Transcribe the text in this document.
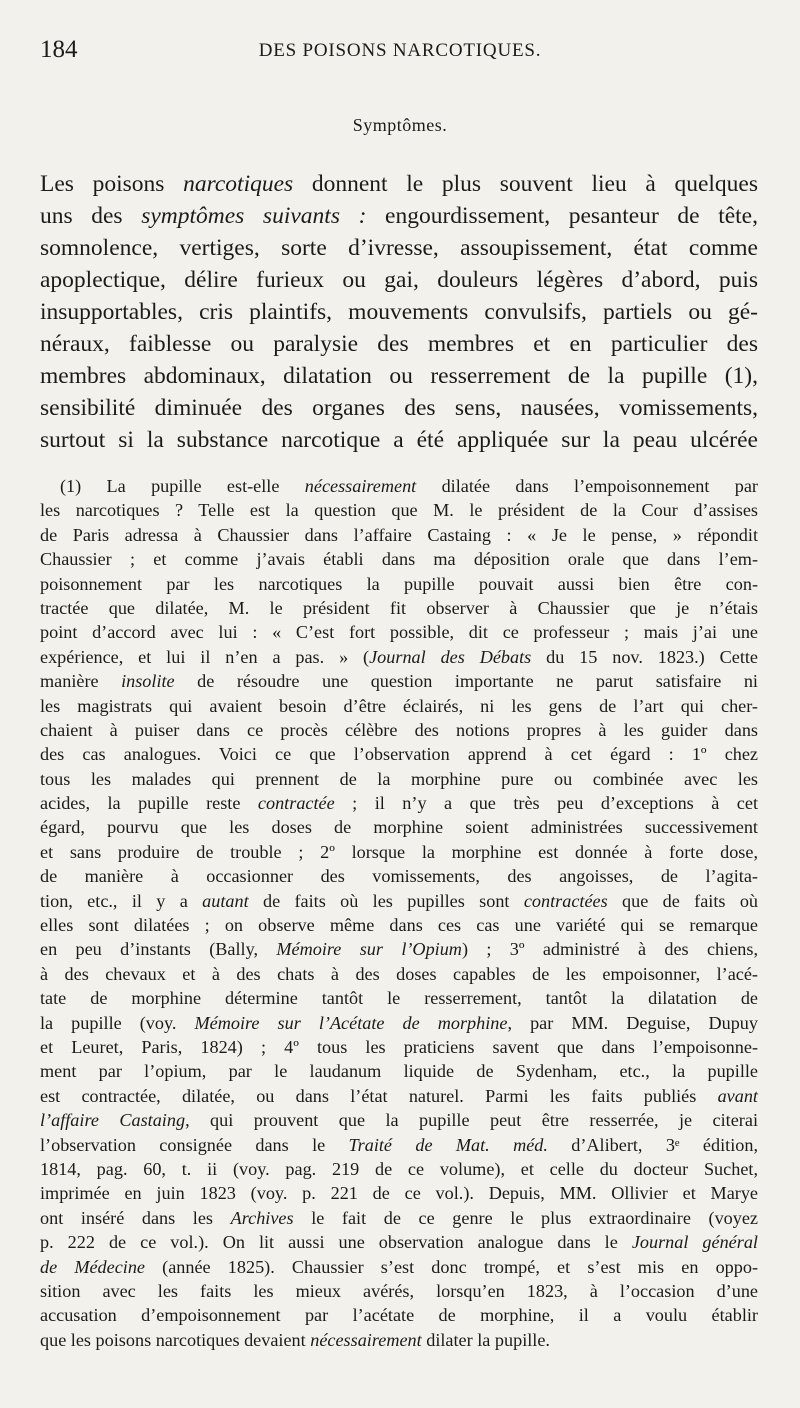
184	DES POISONS NARCOTIQUES.
Symptômes.
Les poisons narcotiques donnent le plus souvent lieu à quelques
uns des symptômes suivants : engourdissement, pesanteur de tête,
somnolence, vertiges, sorte d’ivresse, assoupissement, état comme
apoplectique, délire furieux ou gai, douleurs légères d’abord, puis
insupportables, cris plaintifs, mouvements convulsifs, partiels ou gé-
néraux, faiblesse ou paralysie des membres et en particulier des
membres abdominaux, dilatation ou resserrement de la pupille (1),
sensibilité diminuée des organes des sens, nausées, vomissements,
surtout si la substance narcotique a été appliquée sur la peau ulcérée
(1) La pupille est-elle nécessairement dilatée dans l’empoisonnement par
les narcotiques ? Telle est la question que M. le président de la Cour d’assises
de Paris adressa à Chaussier dans l’affaire Castaing : « Je le pense, » répondit
Chaussier ; et comme j’avais établi dans ma déposition orale que dans l’em-
poisonnement par les narcotiques la pupille pouvait aussi bien être con-
tractée que dilatée, M. le président fit observer à Chaussier que je n’étais
point d’accord avec lui : « C’est fort possible, dit ce professeur ; mais j’ai une
expérience, et lui il n’en a pas. » (Journal des Débats du 15 nov. 1823.) Cette
manière insolite de résoudre une question importante ne parut satisfaire ni
les magistrats qui avaient besoin d’être éclairés, ni les gens de l’art qui cher-
chaient à puiser dans ce procès célèbre des notions propres à les guider dans
des cas analogues. Voici ce que l’observation apprend à cet égard : 1º chez
tous les malades qui prennent de la morphine pure ou combinée avec les
acides, la pupille reste contractée ; il n’y a que très peu d’exceptions à cet
égard, pourvu que les doses de morphine soient administrées successivement
et sans produire de trouble ; 2º lorsque la morphine est donnée à forte dose,
de manière à occasionner des vomissements, des angoisses, de l’agita-
tion, etc., il y a autant de faits où les pupilles sont contractées que de faits où
elles sont dilatées ; on observe même dans ces cas une variété qui se remarque
en peu d’instants (Bally, Mémoire sur l’Opium) ; 3º administré à des chiens,
à des chevaux et à des chats à des doses capables de les empoisonner, l’acé-
tate de morphine détermine tantôt le resserrement, tantôt la dilatation de
la pupille (voy. Mémoire sur l’Acétate de morphine, par MM. Deguise, Dupuy
et Leuret, Paris, 1824) ; 4º tous les praticiens savent que dans l’empoisonne-
ment par l’opium, par le laudanum liquide de Sydenham, etc., la pupille
est contractée, dilatée, ou dans l’état naturel. Parmi les faits publiés avant
l’affaire Castaing, qui prouvent que la pupille peut être resserrée, je citerai
l’observation consignée dans le Traité de Mat. méd. d’Alibert, 3ᵉ édition,
1814, pag. 60, t. ii (voy. pag. 219 de ce volume), et celle du docteur Suchet,
imprimée en juin 1823 (voy. p. 221 de ce vol.). Depuis, MM. Ollivier et Marye
ont inséré dans les Archives le fait de ce genre le plus extraordinaire (voyez
p. 222 de ce vol.). On lit aussi une observation analogue dans le Journal général
de Médecine (année 1825). Chaussier s’est donc trompé, et s’est mis en oppo-
sition avec les faits les mieux avérés, lorsqu’en 1823, à l’occasion d’une
accusation d’empoisonnement par l’acétate de morphine, il a voulu établir
que les poisons narcotiques devaient nécessairement dilater la pupille.
